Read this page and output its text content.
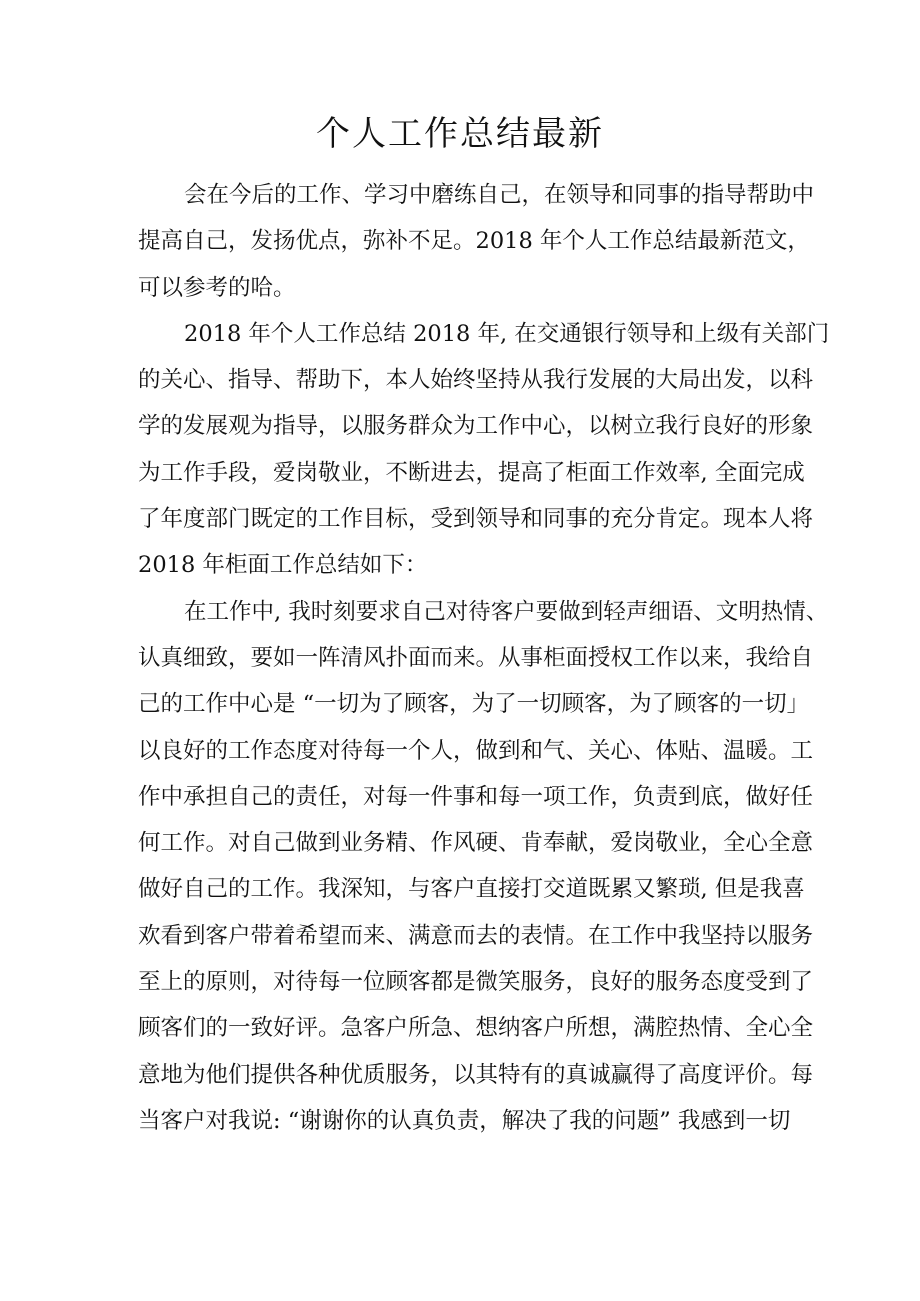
个人工作总结最新

会在今后的工作、学习中磨练自己，在领导和同事的指导帮助中
提高自己，发扬优点，弥补不足。2018 年个人工作总结最新范文，
可以参考的哈。

2018 年个人工作总结 2018 年, 在交通银行领导和上级有关部门
的关心、指导、帮助下，本人始终坚持从我行发展的大局出发，以科
学的发展观为指导，以服务群众为工作中心，以树立我行良好的形象
为工作手段，爱岗敬业，不断进去，提高了柜面工作效率, 全面完成
了年度部门既定的工作目标，受到领导和同事的充分肯定。现本人将
2018 年柜面工作总结如下：

在工作中, 我时刻要求自己对待客户要做到轻声细语、文明热情、
认真细致，要如一阵清风扑面而来。从事柜面授权工作以来，我给自
己的工作中心是 “一切为了顾客，为了一切顾客，为了顾客的一切」
以良好的工作态度对待每一个人，做到和气、关心、体贴、温暖。工
作中承担自己的责任，对每一件事和每一项工作，负责到底，做好任
何工作。对自己做到业务精、作风硬、肯奉献，爱岗敬业，全心全意
做好自己的工作。我深知，与客户直接打交道既累又繁琐, 但是我喜
欢看到客户带着希望而来、满意而去的表情。在工作中我坚持以服务
至上的原则，对待每一位顾客都是微笑服务，良好的服务态度受到了
顾客们的一致好评。急客户所急、想纳客户所想，满腔热情、全心全
意地为他们提供各种优质服务，以其特有的真诚赢得了高度评价。每
当客户对我说: “谢谢你的认真负责，解决了我的问题” 我感到一切
